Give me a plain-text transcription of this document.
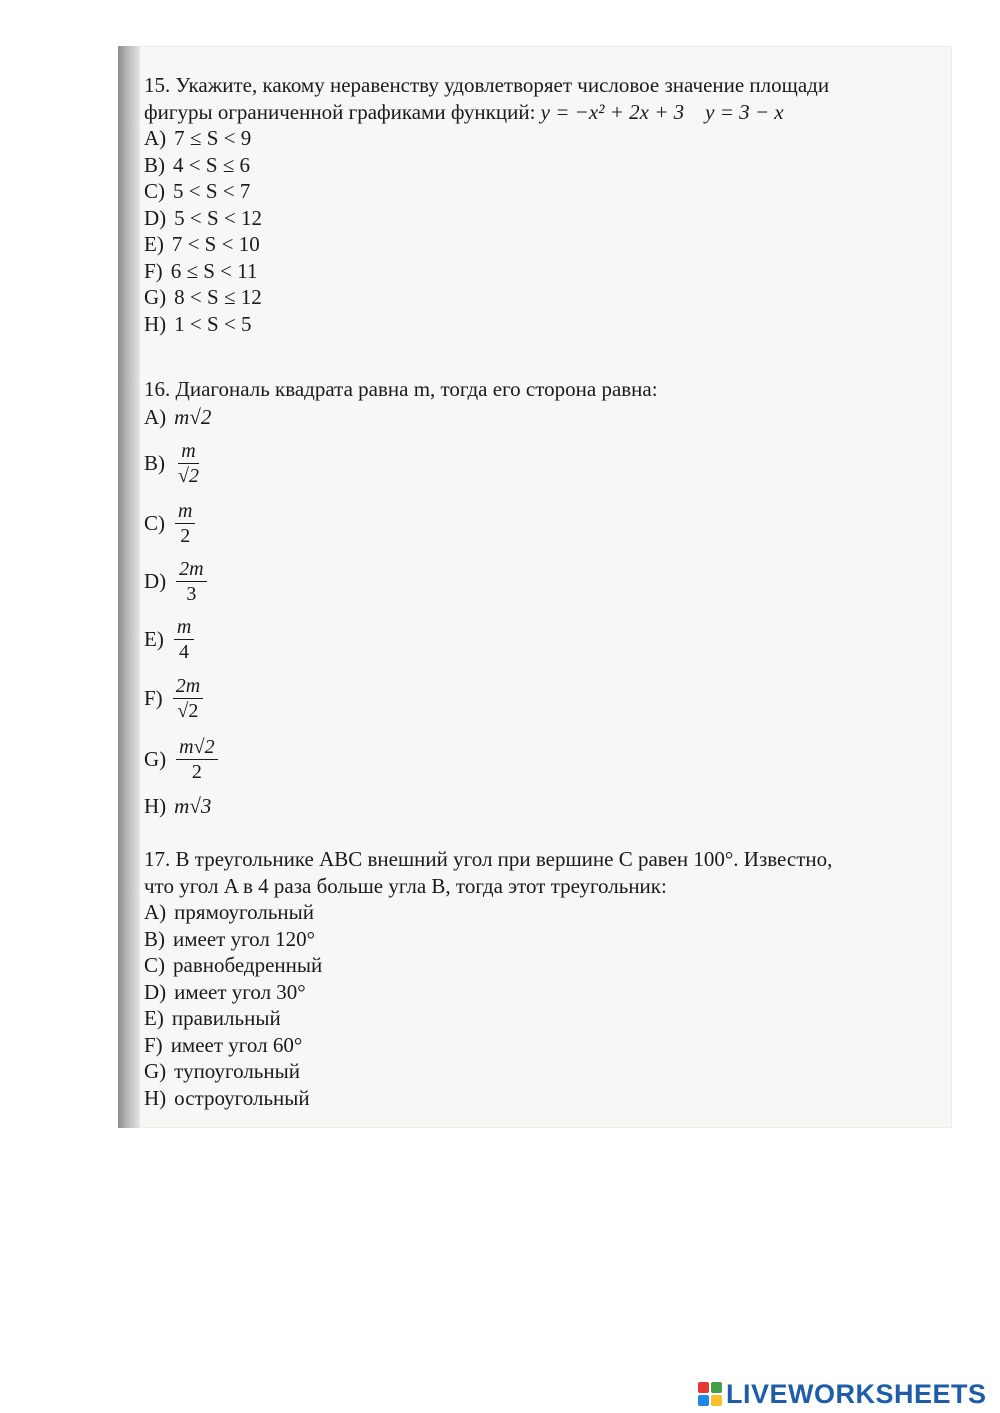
15. Укажите, какому неравенству удовлетворяет числовое значение площади

фигуры ограниченной графиками функций: y = −x² + 2x + 3 y = 3 − x

A) 7 ≤ S < 9
B) 4 < S ≤ 6
C) 5 < S < 7
D) 5 < S < 12
E) 7 < S < 10
F) 6 ≤ S < 11
G) 8 < S ≤ 12
H) 1 < S < 5

16. Диагональ квадрата равна m, тогда его сторона равна:

A) m√2
$B) \frac{m}{√2}$
$C) \frac{m}{2}$
$D) \frac{2m}{3}$
$E) \frac{m}{4}$
$F) \frac{2m}{√2}$
$G) \frac{m√2}{2}$
H) m√3

17. В треугольнике ABC внешний угол при вершине C равен 100°. Известно,

что угол A в 4 раза больше угла B, тогда этот треугольник:

A) прямоугольный
B) имеет угол 120°
C) равнобедренный
D) имеет угол 30°
E) правильный
F) имеет угол 60°
G) тупоугольный
H) остроугольный
LIVEWORKSHEETS
